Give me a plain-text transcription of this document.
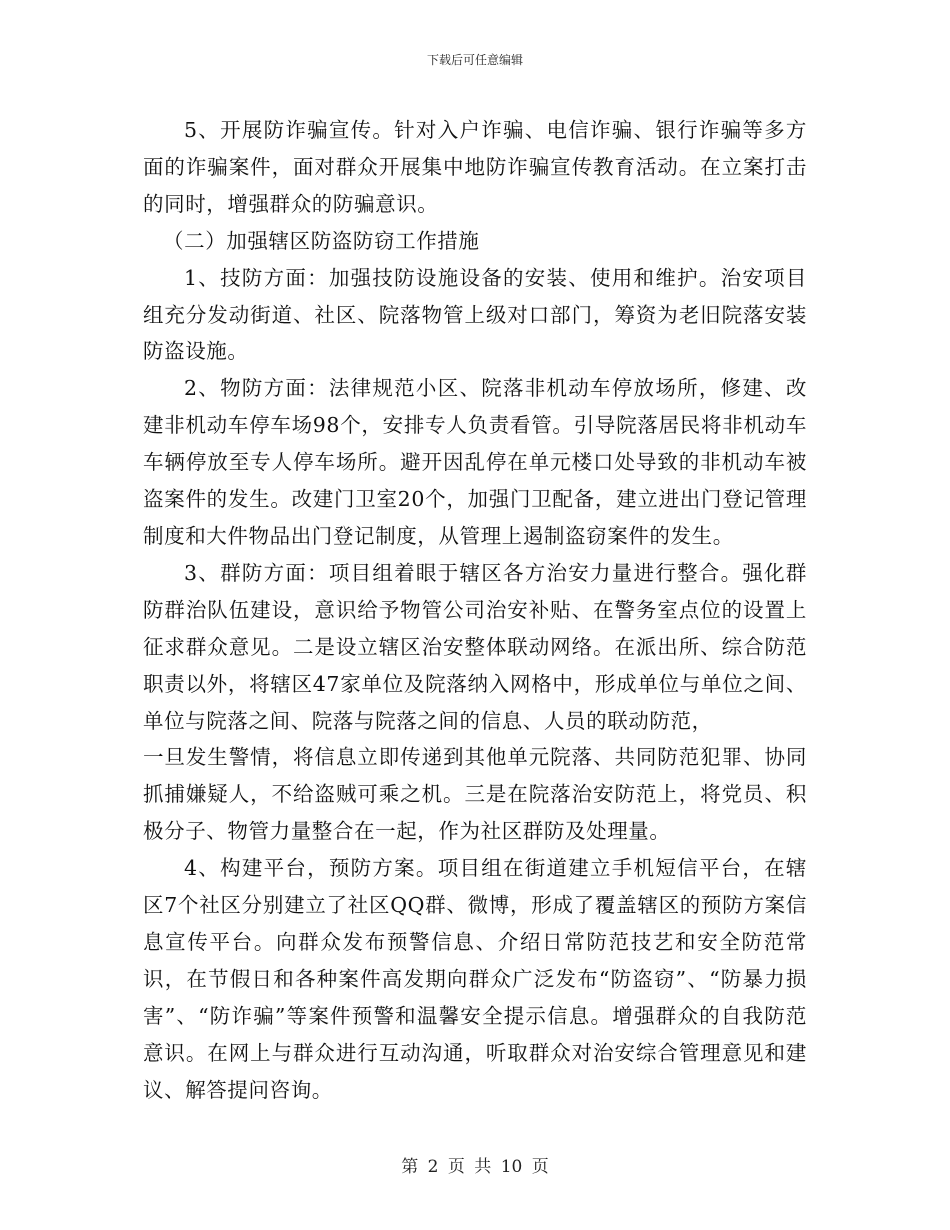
下载后可任意编辑

5、开展防诈骗宣传。针对入户诈骗、电信诈骗、银行诈骗等多方面的诈骗案件，面对群众开展集中地防诈骗宣传教育活动。在立案打击的同时，增强群众的防骗意识。

（二）加强辖区防盗防窃工作措施

1、技防方面：加强技防设施设备的安装、使用和维护。治安项目组充分发动街道、社区、院落物管上级对口部门，筹资为老旧院落安装防盗设施。

2、物防方面：法律规范小区、院落非机动车停放场所，修建、改建非机动车停车场98个，安排专人负责看管。引导院落居民将非机动车车辆停放至专人停车场所。避开因乱停在单元楼口处导致的非机动车被盗案件的发生。改建门卫室20个，加强门卫配备，建立进出门登记管理制度和大件物品出门登记制度，从管理上遏制盗窃案件的发生。

3、群防方面：项目组着眼于辖区各方治安力量进行整合。强化群防群治队伍建设，意识给予物管公司治安补贴、在警务室点位的设置上征求群众意见。二是设立辖区治安整体联动网络。在派出所、综合防范职责以外，将辖区47家单位及院落纳入网格中，形成单位与单位之间、单位与院落之间、院落与院落之间的信息、人员的联动防范，
一旦发生警情，将信息立即传递到其他单元院落、共同防范犯罪、协同抓捕嫌疑人，不给盗贼可乘之机。三是在院落治安防范上，将党员、积极分子、物管力量整合在一起，作为社区群防及处理量。

4、构建平台，预防方案。项目组在街道建立手机短信平台，在辖区7个社区分别建立了社区QQ群、微博，形成了覆盖辖区的预防方案信息宣传平台。向群众发布预警信息、介绍日常防范技艺和安全防范常识，在节假日和各种案件高发期向群众广泛发布“防盗窃”、“防暴力损害”、“防诈骗”等案件预警和温馨安全提示信息。增强群众的自我防范意识。在网上与群众进行互动沟通，听取群众对治安综合管理意见和建议、解答提问咨询。

第 2 页 共 10 页
